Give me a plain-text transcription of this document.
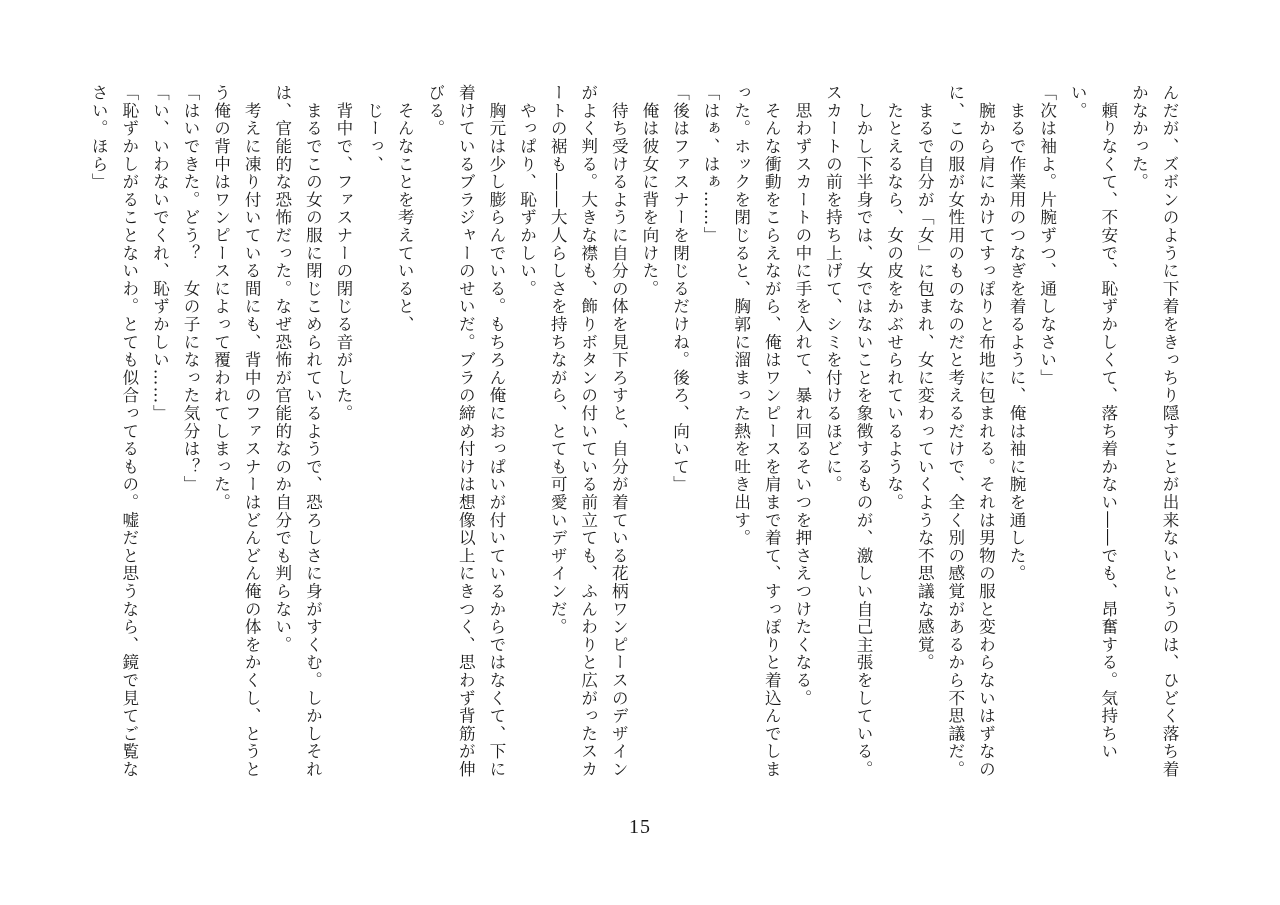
んだが、ズボンのように下着をきっちり隠すことが出来ないというのは、ひどく落ち着かなかった。

　頼りなくて、不安で、恥ずかしくて、落ち着かない――でも、昂奮する。気持ちいい。

「次は袖よ。片腕ずつ、通しなさい」

　まるで作業用のつなぎを着るように、俺は袖に腕を通した。

　腕から肩にかけてすっぽりと布地に包まれる。それは男物の服と変わらないはずなのに、この服が女性用のものなのだと考えるだけで、全く別の感覚があるから不思議だ。

　まるで自分が「女」に包まれ、女に変わっていくような不思議な感覚。

　たとえるなら、女の皮をかぶせられているような。

　しかし下半身では、女ではないことを象徴するものが、激しい自己主張をしている。スカートの前を持ち上げて、シミを付けるほどに。

　思わずスカートの中に手を入れて、暴れ回るそいつを押さえつけたくなる。

　そんな衝動をこらえながら、俺はワンピースを肩まで着て、すっぽりと着込んでしまった。ホックを閉じると、胸郭に溜まった熱を吐き出す。

「はぁ、はぁ……」

「後はファスナーを閉じるだけね。後ろ、向いて」

　俺は彼女に背を向けた。

　待ち受けるように自分の体を見下ろすと、自分が着ている花柄ワンピースのデザインがよく判る。大きな襟も、飾りボタンの付いている前立ても、ふんわりと広がったスカートの裾も――大人らしさを持ちながら、とても可愛いデザインだ。

　やっぱり、恥ずかしい。

　胸元は少し膨らんでいる。もちろん俺におっぱいが付いているからではなくて、下に着けているブラジャーのせいだ。ブラの締め付けは想像以上にきつく、思わず背筋が伸びる。

　そんなことを考えていると、

　じーっ、

　背中で、ファスナーの閉じる音がした。

　まるでこの女の服に閉じこめられているようで、恐ろしさに身がすくむ。しかしそれは、官能的な恐怖だった。なぜ恐怖が官能的なのか自分でも判らない。

　考えに凍り付いている間にも、背中のファスナーはどんどん俺の体をかくし、とうとう俺の背中はワンピースによって覆われてしまった。

「はいできた。どう？　女の子になった気分は？」

「い、いわないでくれ、恥ずかしい……」

「恥ずかしがることないわ。とても似合ってるもの。嘘だと思うなら、鏡で見てご覧なさい。ほら」

15
